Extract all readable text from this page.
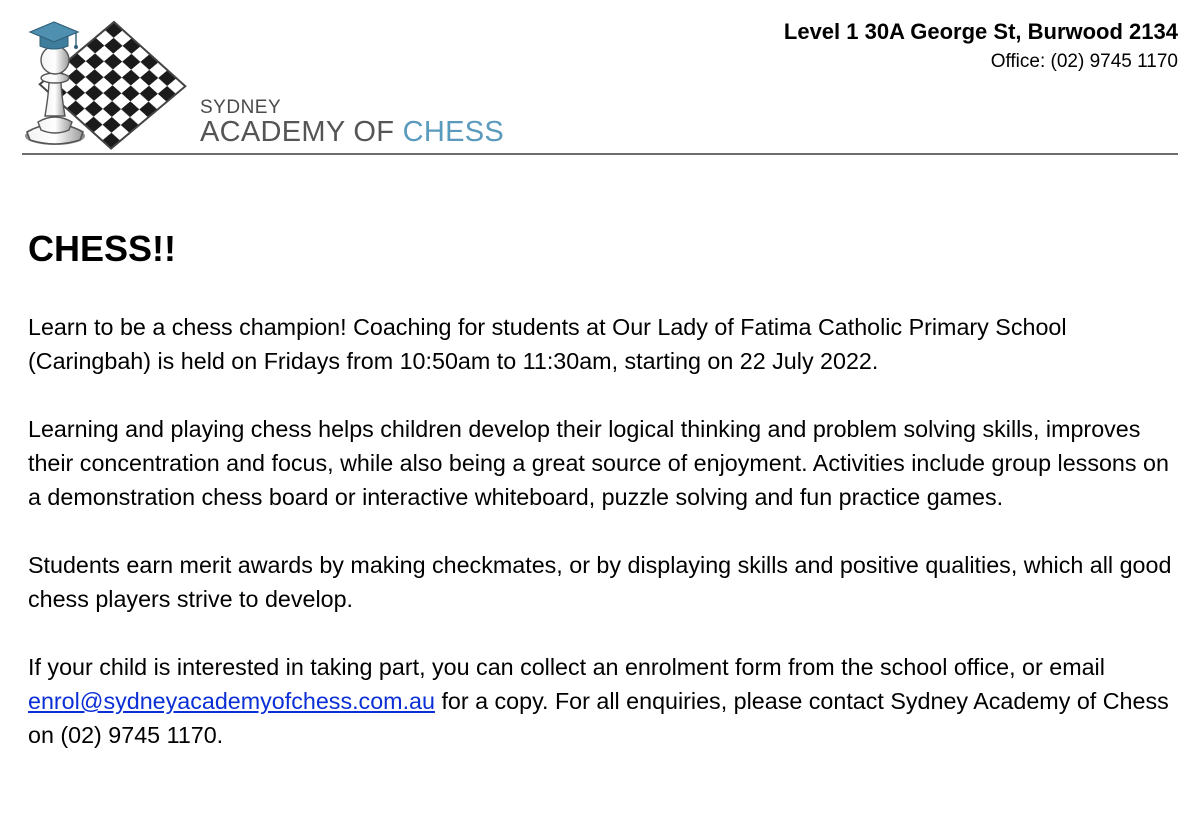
SYDNEY
ACADEMY OF CHESS
Level 1 30A George St, Burwood 2134
Office: (02) 9745 1170
CHESS!!

Learn to be a chess champion! Coaching for students at Our Lady of Fatima Catholic Primary School (Caringbah) is held on Fridays from 10:50am to 11:30am, starting on 22 July 2022.

Learning and playing chess helps children develop their logical thinking and problem solving skills, improves their concentration and focus, while also being a great source of enjoyment. Activities include group lessons on a demonstration chess board or interactive whiteboard, puzzle solving and fun practice games.

Students earn merit awards by making checkmates, or by displaying skills and positive qualities, which all good chess players strive to develop.

If your child is interested in taking part, you can collect an enrolment form from the school office, or email enrol@sydneyacademyofchess.com.au for a copy. For all enquiries, please contact Sydney Academy of Chess on (02) 9745 1170.
